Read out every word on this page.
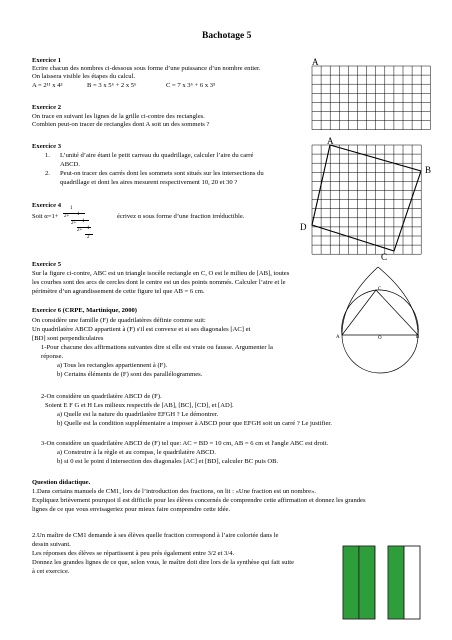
Bachotage 5
Exercice 1
Ecrire chacun des nombres ci-dessous sous forme d’une puissance d’un nombre entier.
On laissera visible les étapes du calcul.
A = 2¹¹ x 4³	B = 3 x 5⁶ + 2 x 5⁶	C = 7 x 3⁶ + 6 x 3⁵
Exercice 2
On trace en suivant les lignes de la grille ci-contre des rectangles.
Combien peut-on tracer de rectangles dont A soit un des sommets ?
Exercice 3
1. L’unité d’aire étant le petit carreau du quadrillage, calculer l’aire du carré
ABCD.
2. Peut-on tracer des carrés dont les sommets sont situés sur les intersections du
quadrillage et dont les aires mesurent respectivement 10, 20 et 30 ?
Exercice 4
Soit α=1+
1
2+ 1
2+ 1
2+ 1
2
écrivez α sous forme d’une fraction irréductible.
Exercice 5
Sur la figure ci-contre, ABC est un triangle isocèle rectangle en C, O est le milieu de [AB], toutes
les courbes sont des arcs de cercles dont le centre est un des points nommés. Calculer l’aire et le
périmètre d’un agrandissement de cette figure tel que AB = 6 cm.
Exercice 6 (CRPE, Martinique, 2000)
On considère une famille (F) de quadrilatères définie comme suit:
Un quadrilatère ABCD appartient à (F) s'il est convexe et si ses diagonales [AC] et
[BD] sont perpendiculaires
1-Pour chacune des affirmations suivantes dire si elle est vraie ou fausse. Argumenter la
réponse.
a) Tous les rectangles appartiennent à (F).
b) Certains éléments de (F) sont des parallélogrammes.
2-On considère un quadrilatère ABCD de (F).
Soient E F G et H Les milieux respectifs de [AB], [BC], [CD], et [AD].
a) Quelle est la nature du quadrilatère EFGH ? Le démontrer.
b) Quelle est la condition supplémentaire a imposer à ABCD pour que EFGH soit un carré ? Le justifier.
3-On considère un quadrilatère ABCD de (F) tel que: AC = BD = 10 cm, AB = 6 cm et l'angle ABC est droit.
a) Construire à la règle et au compas, le quadrilatère ABCD.
b) si 0 est le point d intersection des diagonales [AC] et [BD], calculer BC puis OB.
Question didactique.
1.Dans certains manuels de CM1, lors de l’introduction des fractions, on lit : «Une fraction est un nombre».
Expliquez brièvement pourquoi il est difficile pour les élèves concernés de comprendre cette affirmation et donnez les grandes
lignes de ce que vous envisageriez pour mieux faire comprendre cette idée.
2.Un maître de CM1 demande à ses élèves quelle fraction correspond à l’aire coloriée dans le
dessin suivant.
Les réponses des élèves se répartissent à peu près également entre 3/2 et 3/4.
Donnez les grandes lignes de ce que, selon vous, le maître doit dire lors de la synthèse qui fait suite
à cet exercice.
A
A
B
C
D
A	B
C
O
